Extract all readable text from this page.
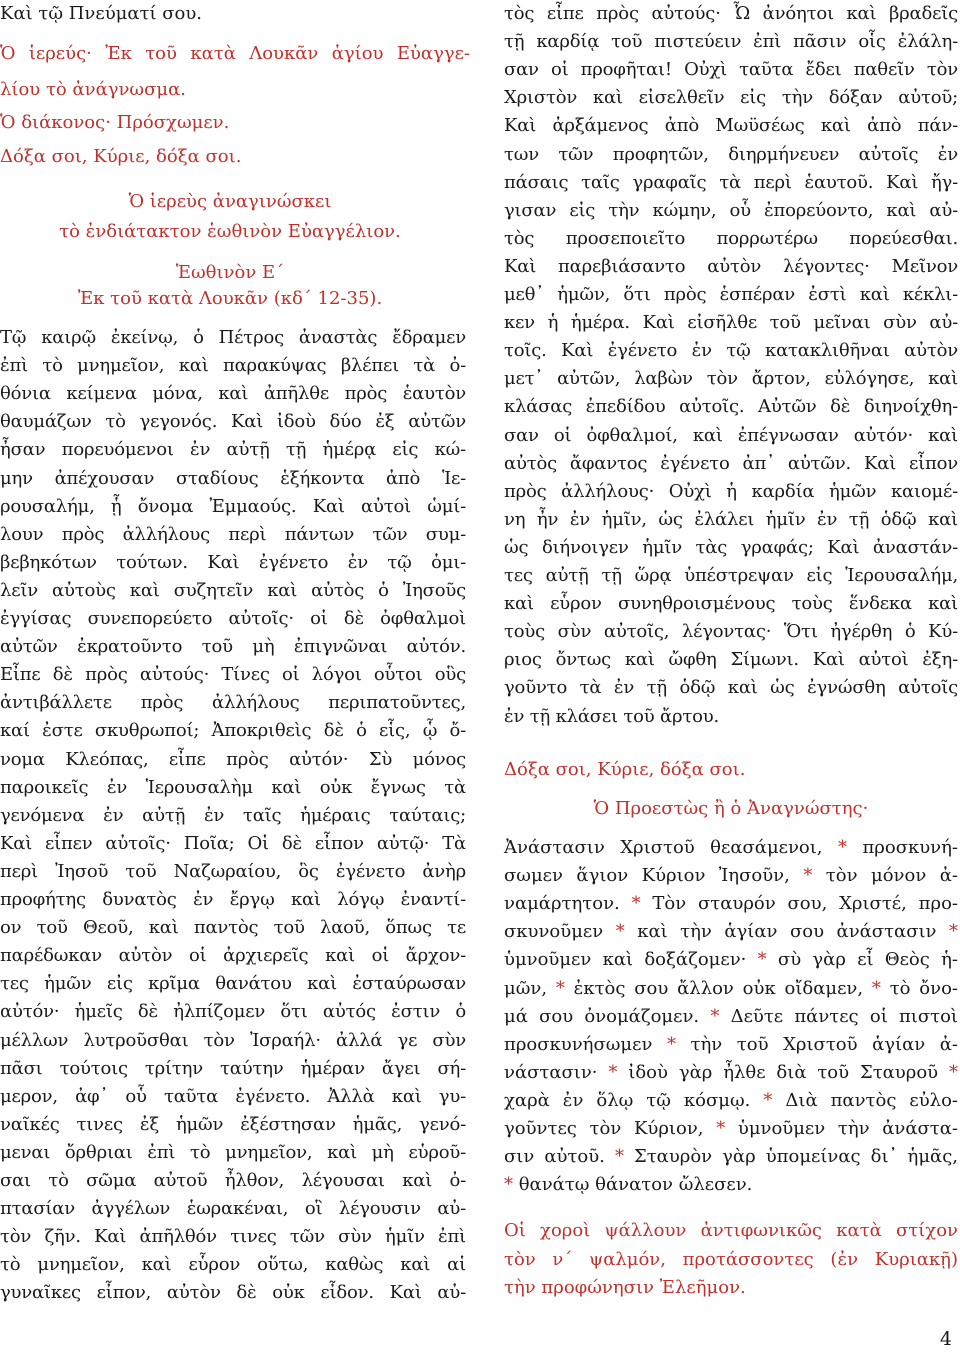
Καὶ τῷ Πνεύματί σου.
Ὁ ἱερεύς· Ἐκ τοῦ κατὰ Λουκᾶν ἁγίου Εὐαγγε-
λίου τὸ ἀνάγνωσμα.
Ὁ διάκονος· Πρόσχωμεν.
Δόξα σοι, Κύριε, δόξα σοι.
Ὁ ἱερεὺς ἀναγινώσκει
τὸ ἐνδιάτακτον ἑωθινὸν Εὐαγγέλιον.
Ἑωθινὸν Ε΄
Ἐκ τοῦ κατὰ Λουκᾶν (κδ΄ 12-35).
Τῷ καιρῷ ἐκείνῳ, ὁ Πέτρος ἀναστὰς ἔδραμεν
ἐπὶ τὸ μνημεῖον, καὶ παρακύψας βλέπει τὰ ὀ-
θόνια κείμενα μόνα, καὶ ἀπῆλθε πρὸς ἑαυτὸν
θαυμάζων τὸ γεγονός. Καὶ ἰδοὺ δύο ἐξ αὐτῶν
ἦσαν πορευόμενοι ἐν αὐτῇ τῇ ἡμέρᾳ εἰς κώ-
μην ἀπέχουσαν σταδίους ἑξήκοντα ἀπὸ Ἱε-
ρουσαλήμ, ᾗ ὄνομα Ἐμμαούς. Καὶ αὐτοὶ ὡμί-
λουν πρὸς ἀλλήλους περὶ πάντων τῶν συμ-
βεβηκότων τούτων. Καὶ ἐγένετο ἐν τῷ ὁμι-
λεῖν αὐτοὺς καὶ συζητεῖν καὶ αὐτὸς ὁ Ἰησοῦς
ἐγγίσας συνεπορεύετο αὐτοῖς· οἱ δὲ ὀφθαλμοὶ
αὐτῶν ἐκρατοῦντο τοῦ μὴ ἐπιγνῶναι αὐτόν.
Εἶπε δὲ πρὸς αὐτούς· Τίνες οἱ λόγοι οὗτοι οὓς
ἀντιβάλλετε πρὸς ἀλλήλους περιπατοῦντες,
καί ἐστε σκυθρωποί; Ἀποκριθεὶς δὲ ὁ εἷς, ᾧ ὄ-
νομα Κλεόπας, εἶπε πρὸς αὐτόν· Σὺ μόνος
παροικεῖς ἐν Ἱερουσαλὴμ καὶ οὐκ ἔγνως τὰ
γενόμενα ἐν αὐτῇ ἐν ταῖς ἡμέραις ταύταις;
Καὶ εἶπεν αὐτοῖς· Ποῖα; Οἱ δὲ εἶπον αὐτῷ· Τὰ
περὶ Ἰησοῦ τοῦ Ναζωραίου, ὃς ἐγένετο ἀνὴρ
προφήτης δυνατὸς ἐν ἔργῳ καὶ λόγῳ ἐναντί-
ον τοῦ Θεοῦ, καὶ παντὸς τοῦ λαοῦ, ὅπως τε
παρέδωκαν αὐτὸν οἱ ἀρχιερεῖς καὶ οἱ ἄρχον-
τες ἡμῶν εἰς κρῖμα θανάτου καὶ ἐσταύρωσαν
αὐτόν· ἡμεῖς δὲ ἠλπίζομεν ὅτι αὐτός ἐστιν ὁ
μέλλων λυτροῦσθαι τὸν Ἰσραήλ· ἀλλά γε σὺν
πᾶσι τούτοις τρίτην ταύτην ἡμέραν ἄγει σή-
μερον, ἀφ᾽ οὗ ταῦτα ἐγένετο. Ἀλλὰ καὶ γυ-
ναῖκές τινες ἐξ ἡμῶν ἐξέστησαν ἡμᾶς, γενό-
μεναι ὄρθριαι ἐπὶ τὸ μνημεῖον, καὶ μὴ εὑροῦ-
σαι τὸ σῶμα αὐτοῦ ἦλθον, λέγουσαι καὶ ὀ-
πτασίαν ἀγγέλων ἑωρακέναι, οἳ λέγουσιν αὐ-
τὸν ζῆν. Καὶ ἀπῆλθόν τινες τῶν σὺν ἡμῖν ἐπὶ
τὸ μνημεῖον, καὶ εὗρον οὕτω, καθὼς καὶ αἱ
γυναῖκες εἶπον, αὐτὸν δὲ οὐκ εἶδον. Καὶ αὐ-
τὸς εἶπε πρὸς αὐτούς· Ὦ ἀνόητοι καὶ βραδεῖς
τῇ καρδίᾳ τοῦ πιστεύειν ἐπὶ πᾶσιν οἷς ἐλάλη-
σαν οἱ προφῆται! Οὐχὶ ταῦτα ἔδει παθεῖν τὸν
Χριστὸν καὶ εἰσελθεῖν εἰς τὴν δόξαν αὐτοῦ;
Καὶ ἀρξάμενος ἀπὸ Μωϋσέως καὶ ἀπὸ πάν-
των τῶν προφητῶν, διηρμήνευεν αὐτοῖς ἐν
πάσαις ταῖς γραφαῖς τὰ περὶ ἑαυτοῦ. Καὶ ἤγ-
γισαν εἰς τὴν κώμην, οὗ ἐπορεύοντο, καὶ αὐ-
τὸς προσεποιεῖτο πορρωτέρω πορεύεσθαι.
Καὶ παρεβιάσαντο αὐτὸν λέγοντες· Μεῖνον
μεθ᾽ ἡμῶν, ὅτι πρὸς ἑσπέραν ἐστὶ καὶ κέκλι-
κεν ἡ ἡμέρα. Καὶ εἰσῆλθε τοῦ μεῖναι σὺν αὐ-
τοῖς. Καὶ ἐγένετο ἐν τῷ κατακλιθῆναι αὐτὸν
μετ᾽ αὐτῶν, λαβὼν τὸν ἄρτον, εὐλόγησε, καὶ
κλάσας ἐπεδίδου αὐτοῖς. Αὐτῶν δὲ διηνοίχθη-
σαν οἱ ὀφθαλμοί, καὶ ἐπέγνωσαν αὐτόν· καὶ
αὐτὸς ἄφαντος ἐγένετο ἀπ᾽ αὐτῶν. Καὶ εἶπον
πρὸς ἀλλήλους· Οὐχὶ ἡ καρδία ἡμῶν καιομέ-
νη ἦν ἐν ἡμῖν, ὡς ἐλάλει ἡμῖν ἐν τῇ ὁδῷ καὶ
ὡς διήνοιγεν ἡμῖν τὰς γραφάς; Καὶ ἀναστάν-
τες αὐτῇ τῇ ὥρᾳ ὑπέστρεψαν εἰς Ἱερουσαλήμ,
καὶ εὗρον συνηθροισμένους τοὺς ἕνδεκα καὶ
τοὺς σὺν αὐτοῖς, λέγοντας· Ὅτι ἠγέρθη ὁ Κύ-
ριος ὄντως καὶ ὤφθη Σίμωνι. Καὶ αὐτοὶ ἐξη-
γοῦντο τὰ ἐν τῇ ὁδῷ καὶ ὡς ἐγνώσθη αὐτοῖς
ἐν τῇ κλάσει τοῦ ἄρτου.
Δόξα σοι, Κύριε, δόξα σοι.
Ὁ Προεστὼς ἢ ὁ Ἀναγνώστης·
Ἀνάστασιν Χριστοῦ θεασάμενοι, * προσκυνή-
σωμεν ἅγιον Κύριον Ἰησοῦν, * τὸν μόνον ἀ-
ναμάρτητον. * Τὸν σταυρόν σου, Χριστέ, προ-
σκυνοῦμεν * καὶ τὴν ἁγίαν σου ἀνάστασιν *
ὑμνοῦμεν καὶ δοξάζομεν· * σὺ γὰρ εἶ Θεὸς ἡ-
μῶν, * ἐκτὸς σου ἄλλον οὐκ οἴδαμεν, * τὸ ὄνο-
μά σου ὀνομάζομεν. * Δεῦτε πάντες οἱ πιστοὶ
προσκυνήσωμεν * τὴν τοῦ Χριστοῦ ἁγίαν ἀ-
νάστασιν· * ἰδοὺ γὰρ ἦλθε διὰ τοῦ Σταυροῦ *
χαρὰ ἐν ὅλῳ τῷ κόσμῳ. * Διὰ παντὸς εὐλο-
γοῦντες τὸν Κύριον, * ὑμνοῦμεν τὴν ἀνάστα-
σιν αὐτοῦ. * Σταυρὸν γὰρ ὑπομείνας δι᾽ ἡμᾶς,
* θανάτῳ θάνατον ὤλεσεν.
Οἱ χοροὶ ψάλλουν ἀντιφωνικῶς κατὰ στίχον
τὸν ν΄ ψαλμόν, προτάσσοντες (ἐν Κυριακῇ)
τὴν προφώνησιν Ἐλεῆμον.
4
